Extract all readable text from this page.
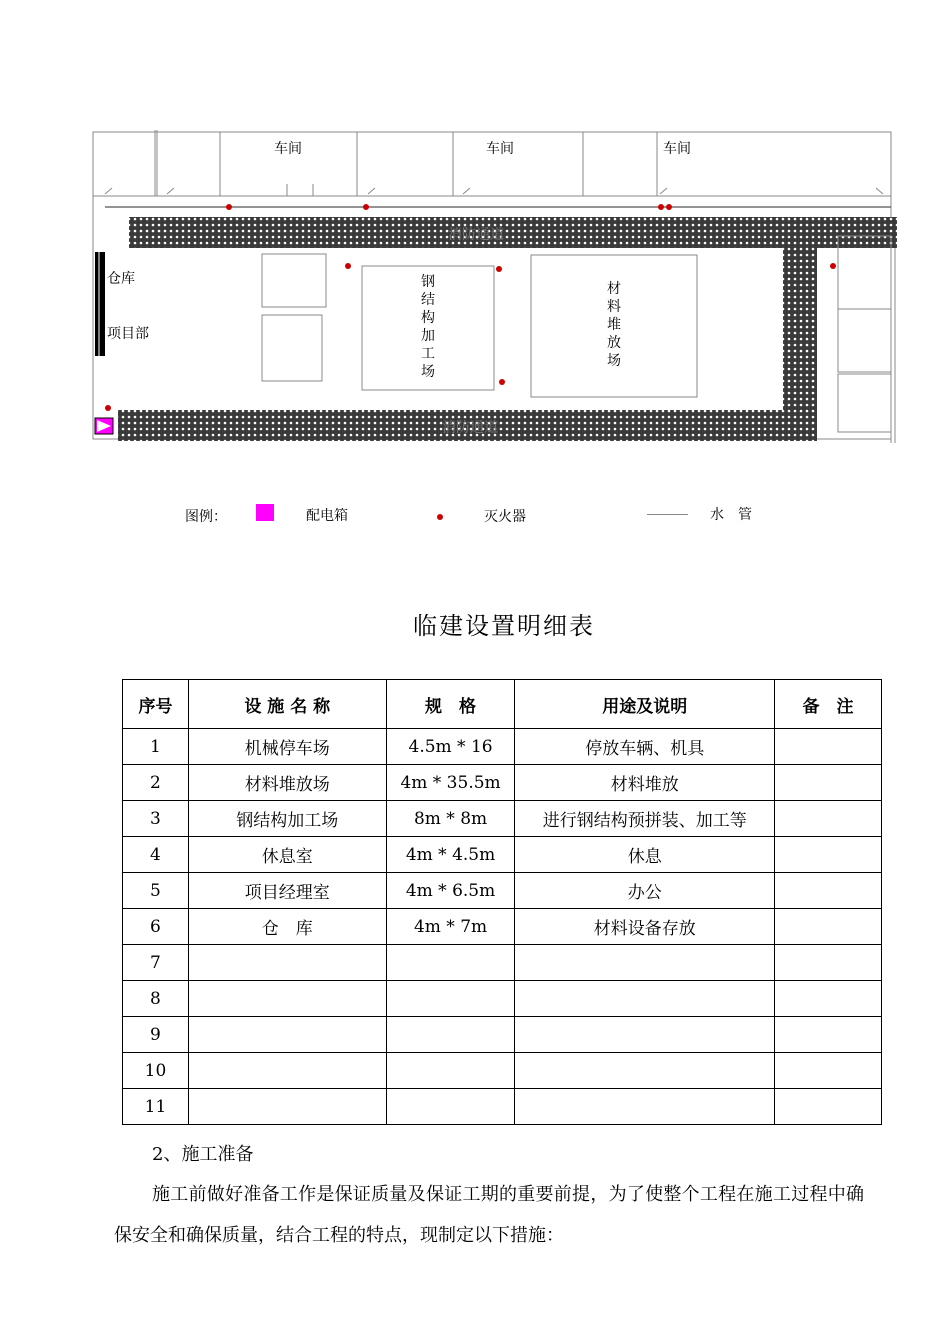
车间	车间	车间
消防通道
消防通道
仓库
项目部
钢结构加工场
材料堆放场
图例：	配电箱	灭火器	水　管
临建设置明细表
序号	设 施 名 称	规　格	用途及说明	备　注
1	机械停车场	4.5m * 16	停放车辆、机具	
2	材料堆放场	4m * 35.5m	材料堆放	
3	钢结构加工场	8m * 8m	进行钢结构预拼装、加工等	
4	休息室	4m * 4.5m	休息	
5	项目经理室	4m * 6.5m	办公	
6	仓　库	4m * 7m	材料设备存放	
7				
8				
9				
10				
11				
2、施工准备
施工前做好准备工作是保证质量及保证工期的重要前提，为了使整个工程在施工过程中确保安全和确保质量，结合工程的特点，现制定以下措施：
